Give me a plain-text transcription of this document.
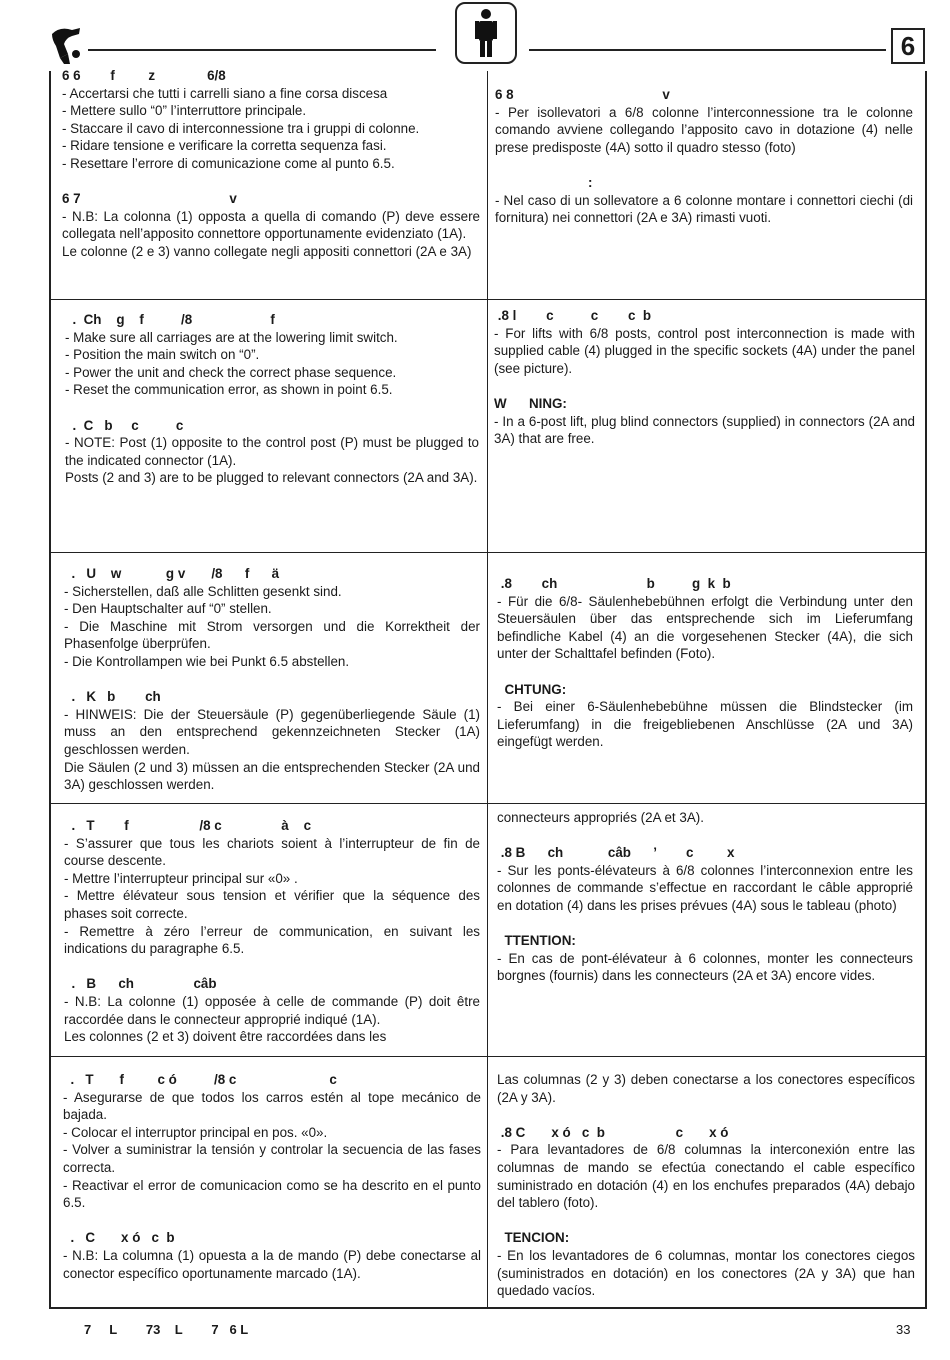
6

6 6        f         z              6/8

- Accertarsi che tutti i carrelli siano a fine corsa discesa

- Mettere sullo “0” l’interruttore principale.

- Staccare il cavo di interconnessione tra i gruppi di colonne.

- Ridare tensione e verificare la corretta sequenza fasi.

- Resettare l’errore di comunicazione come al punto 6.5.

6 7                                        v

- N.B: La colonna (1) opposta a quella di comando (P) deve essere collegata nell’apposito connettore opportunamente evidenziato (1A).

Le colonne (2 e 3) vanno collegate negli appositi connettori (2A e 3A)

6 8                                        v

- Per isollevatori a 6/8 colonne l’interconnessione tra le colonne comando avviene collegando l’apposito cavo in dotazione (4) nelle prese predisposte (4A) sotto il quadro stesso (foto)

:

- Nel caso di un sollevatore a 6 colonne montare i connettori ciechi (di fornitura) nei connettori (2A e 3A) rimasti vuoti.

.  Ch    g    f          /8                     f

- Make sure all carriages are at the lowering limit switch.

- Position the main switch on “0”.

- Power the unit and check the correct phase sequence.

- Reset the communication error, as shown in point 6.5.

.  C   b     c          c

- NOTE: Post (1) opposite to the control post (P) must be plugged to the indicated connector (1A).

Posts (2 and 3) are to be plugged to relevant connectors (2A and 3A).

.8 l        c          c        c  b

- For lifts with 6/8 posts, control post interconnection is made with supplied cable (4) plugged in the specific sockets (4A) under the panel (see picture).

W      NING:

- In a 6-post lift, plug blind connectors (supplied) in connectors (2A and 3A) that are free.

.   U    w            g v       /8      f      ä

- Sicherstellen, daß alle Schlitten gesenkt sind.

- Den Hauptschalter auf “0” stellen.

- Die Maschine mit Strom versorgen und die Korrektheit der Phasenfolge überprüfen.

- Die Kontrollampen wie bei Punkt 6.5 abstellen.

.   K   b        ch

- HINWEIS: Die der Steuersäule (P) gegenüberliegende Säule (1) muss an den entsprechend gekennzeichneten Stecker (1A) geschlossen werden.

Die Säulen (2 und 3) müssen an die entsprechenden Stecker (2A und 3A) geschlossen werden.

.8        ch                        b          g  k  b

- Für die 6/8- Säulenhebebühnen erfolgt die Verbindung unter den Steuersäulen über das entsprechende sich im Lieferumfang befindliche Kabel (4) an die vorgesehenen Stecker (4A), die sich unter der Schalttafel befinden (Foto).

CHTUNG:

- Bei einer 6-Säulenhebebühne müssen die Blindstecker (im Lieferumfang) in die freigebliebenen Anschlüsse (2A und 3A) eingefügt werden.

.   T        f                   /8 c                à    c

- S’assurer que tous les chariots soient à l’interrupteur de fin de course descente.

- Mettre l’interrupteur principal sur «0» .

- Mettre élévateur sous tension et vérifier que la séquence des phases soit correcte.

- Remettre à zéro l’erreur de communication, en suivant les indications du paragraphe 6.5.

.   B      ch                câb

- N.B: La colonne (1) opposée à celle de commande (P) doit être raccordée dans le connecteur approprié indiqué (1A).

Les colonnes (2 et 3) doivent être raccordées dans les

connecteurs appropriés (2A et 3A).

.8 B      ch            câb      ’        c         x

- Sur les ponts-élévateurs à 6/8 colonnes l’interconnexion entre les colonnes de commande s’effectue en raccordant le câble approprié en dotation (4) dans les prises prévues (4A) sous le tableau (photo)

TTENTION:

- En cas de pont-élévateur à 6 colonnes, monter les connecteurs borgnes (fournis) dans les connecteurs (2A et 3A) encore vides.

.   T       f         c ó          /8 c                         c

- Asegurarse de que todos los carros estén al tope mecánico de bajada.

- Colocar el interruptor principal en pos. «0».

- Volver a suministrar la tensión y controlar la secuencia de las fases correcta.

- Reactivar el error de comunicacion como se ha descrito en el punto 6.5.

.   C       x ó   c  b

- N.B: La columna (1) opuesta a la de mando (P) debe conectarse al conector específico oportunamente marcado (1A).

Las columnas (2 y 3) deben conectarse a los conectores específicos (2A y 3A).

.8 C       x ó   c  b                   c       x ó

- Para levantadores de 6/8 columnas la interconexión entre las columnas de mando se efectúa conectando el cable específico suministrado en dotación (4) en los enchufes preparados (4A) debajo del tablero (foto).

TENCION:

- En los levantadores de 6 columnas, montar los conectores ciegos (suministrados en dotación) en los conectores (2A y 3A) que han quedado vacíos.

7     L        73    L        7   6 L	33
